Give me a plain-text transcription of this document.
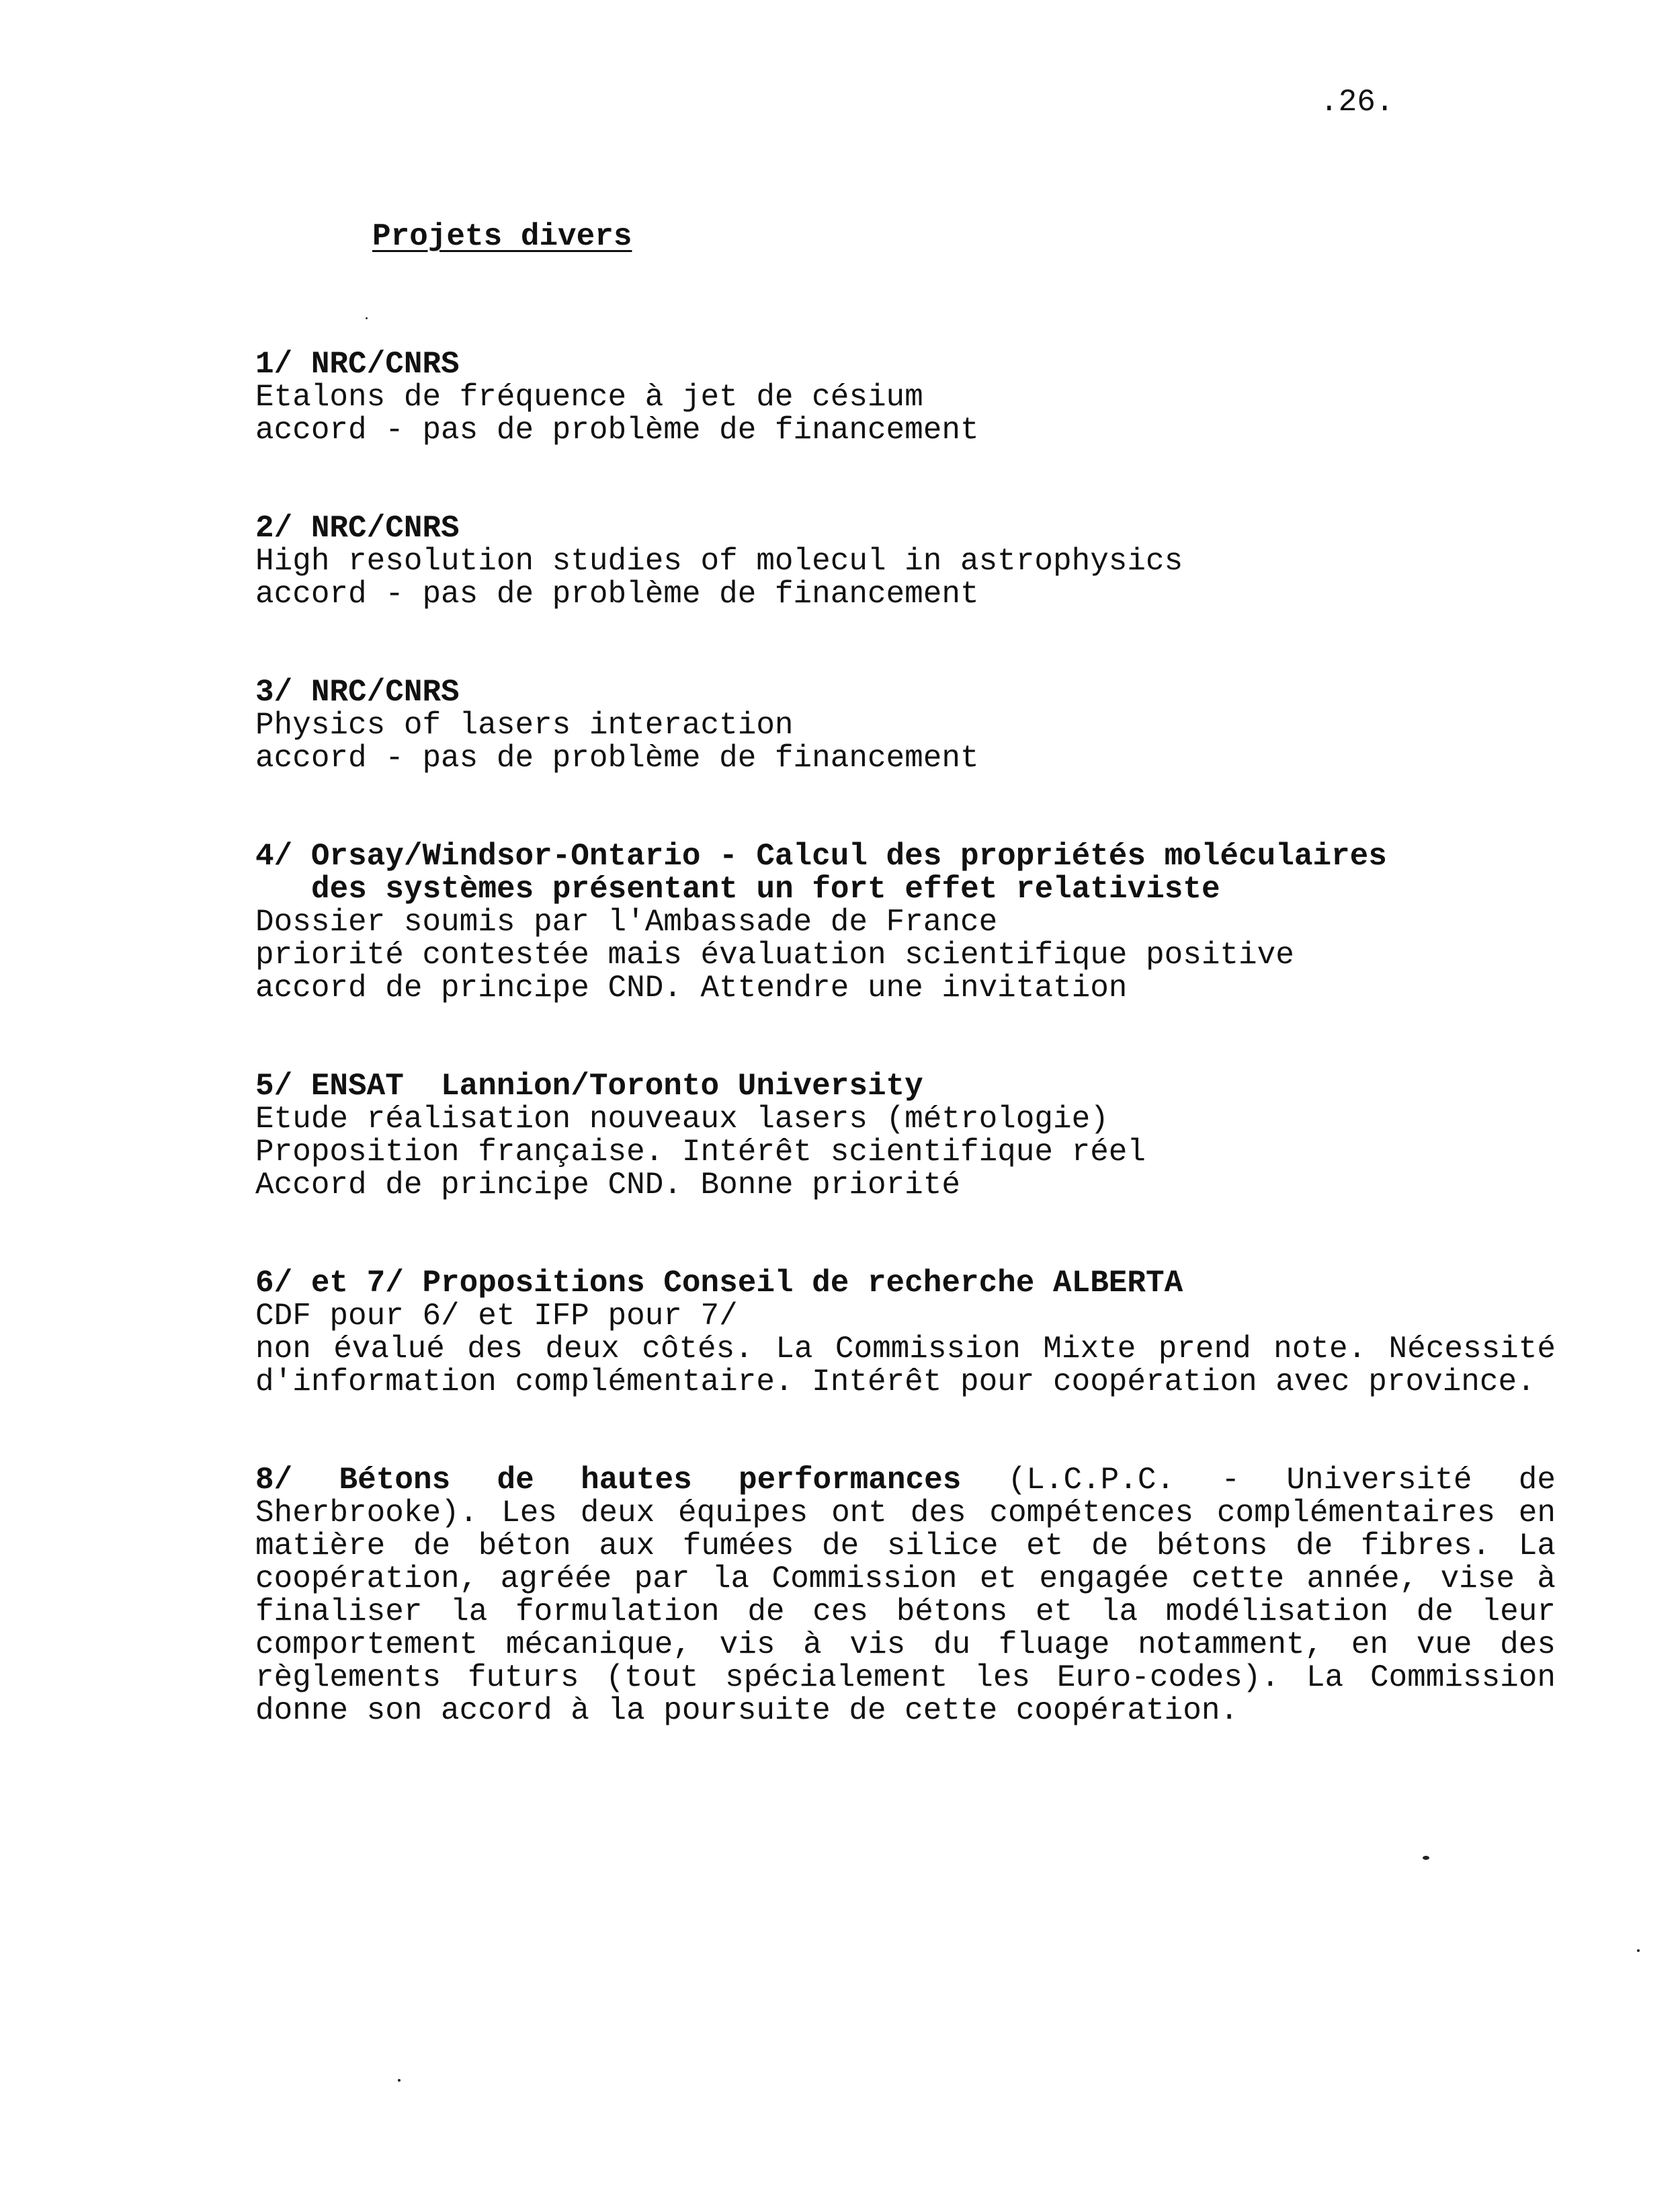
.26.
Projets divers
1/ NRC/CNRS
Etalons de fréquence à jet de césium
accord - pas de problème de financement
2/ NRC/CNRS
High resolution studies of molecul in astrophysics
accord - pas de problème de financement
3/ NRC/CNRS
Physics of lasers interaction
accord - pas de problème de financement
4/ Orsay/Windsor-Ontario - Calcul des propriétés moléculaires
des systèmes présentant un fort effet relativiste
Dossier soumis par l'Ambassade de France
priorité contestée mais évaluation scientifique positive
accord de principe CND. Attendre une invitation
5/ ENSAT  Lannion/Toronto University
Etude réalisation nouveaux lasers (métrologie)
Proposition française. Intérêt scientifique réel
Accord de principe CND. Bonne priorité
6/ et 7/ Propositions Conseil de recherche ALBERTA
CDF pour 6/ et IFP pour 7/
non évalué des deux côtés. La Commission Mixte prend note. Nécessité d'information complémentaire. Intérêt pour coopération avec province.
8/ Bétons de hautes performances (L.C.P.C. - Université de Sherbrooke). Les deux équipes ont des compétences complémentaires en matière de béton aux fumées de silice et de bétons de fibres. La coopération, agréée par la Commission et engagée cette année, vise à finaliser la formulation de ces bétons et la modélisation de leur comportement mécanique, vis à vis du fluage notamment, en vue des règlements futurs (tout spécialement les Euro-codes). La Commission donne son accord à la poursuite de cette coopération.
